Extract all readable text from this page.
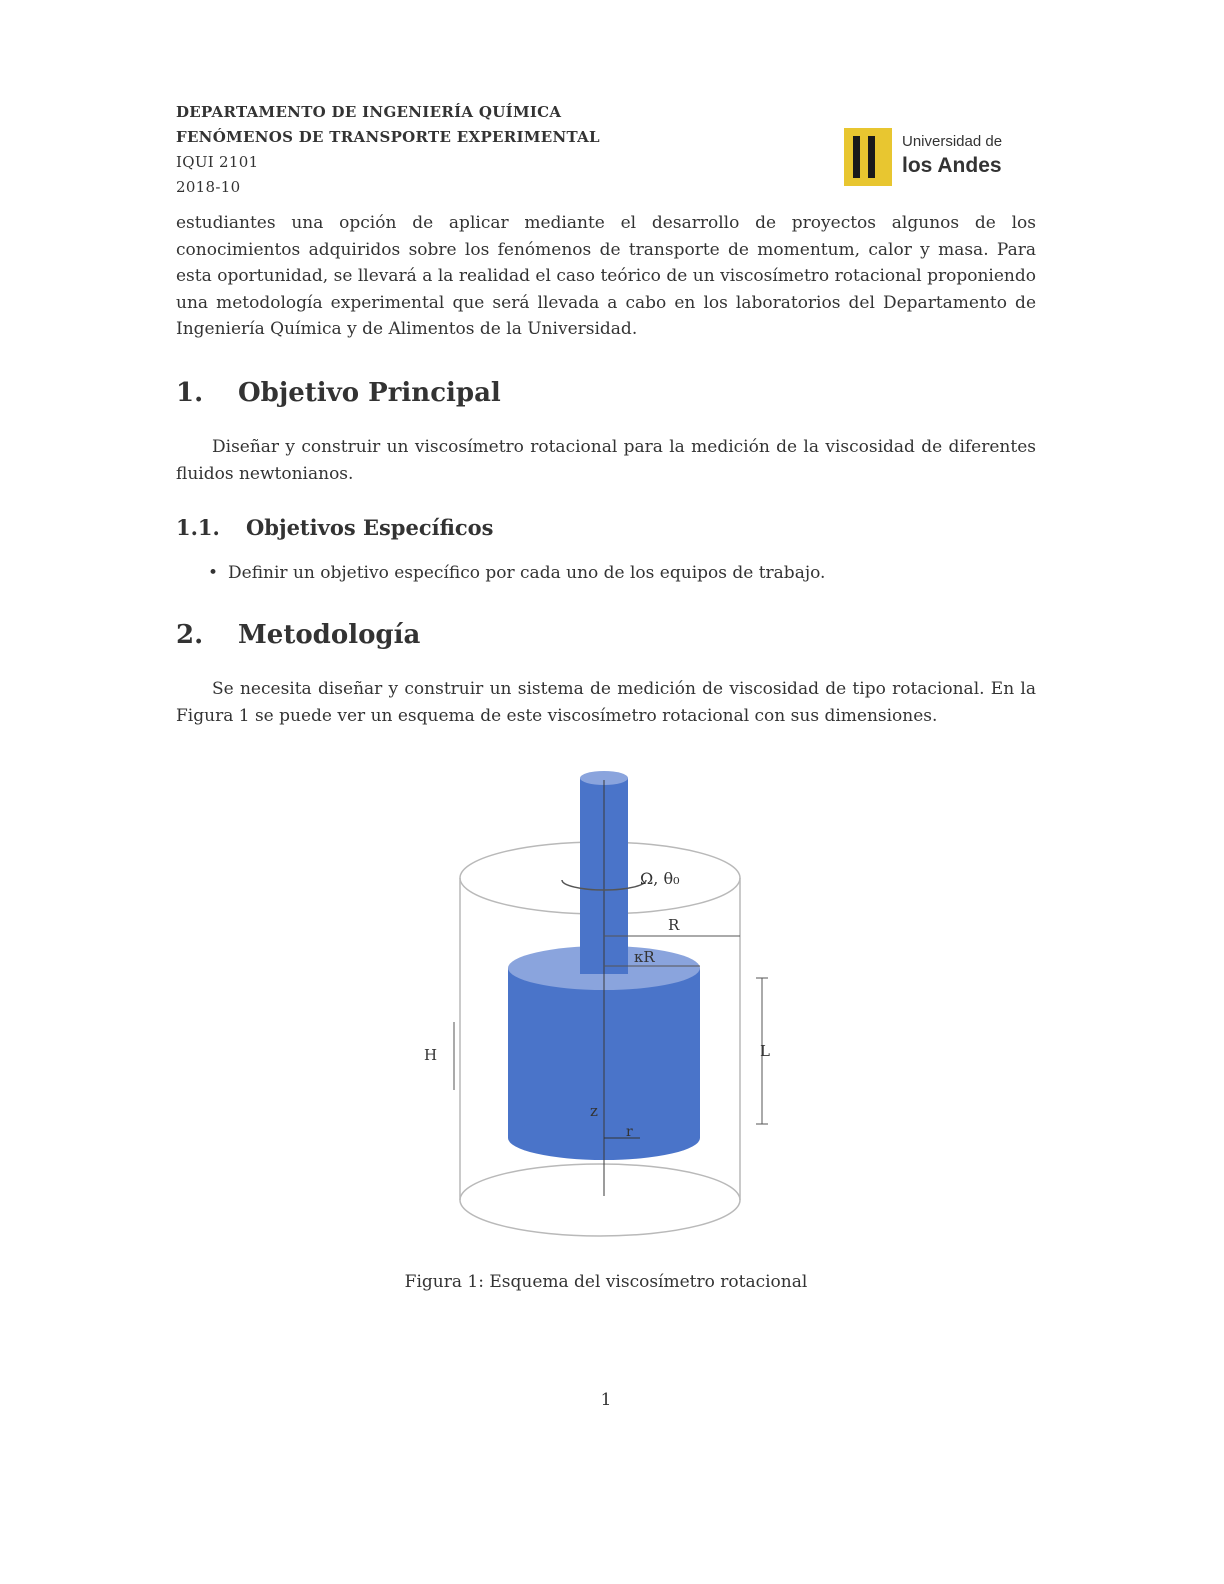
DEPARTAMENTO DE INGENIERÍA QUÍMICA
FENÓMENOS DE TRANSPORTE EXPERIMENTAL
IQUI 2101
2018-10
Universidad de
los Andes
estudiantes una opción de aplicar mediante el desarrollo de proyectos algunos de los conocimientos adquiridos sobre los fenómenos de transporte de momentum, calor y masa. Para esta oportunidad, se llevará a la realidad el caso teórico de un viscosímetro rotacional proponiendo una metodología experimental que será llevada a cabo en los laboratorios del Departamento de Ingeniería Química y de Alimentos de la Universidad.
1. Objetivo Principal
Diseñar y construir un viscosímetro rotacional para la medición de la viscosidad de diferentes fluidos newtonianos.
1.1. Objetivos Específicos
• Definir un objetivo específico por cada uno de los equipos de trabajo.
2. Metodología
Se necesita diseñar y construir un sistema de medición de viscosidad de tipo rotacional. En la Figura 1 se puede ver un esquema de este viscosímetro rotacional con sus dimensiones.
Ω, θ₀
R
κR
L
H
z
r
Figura 1: Esquema del viscosímetro rotacional
1
